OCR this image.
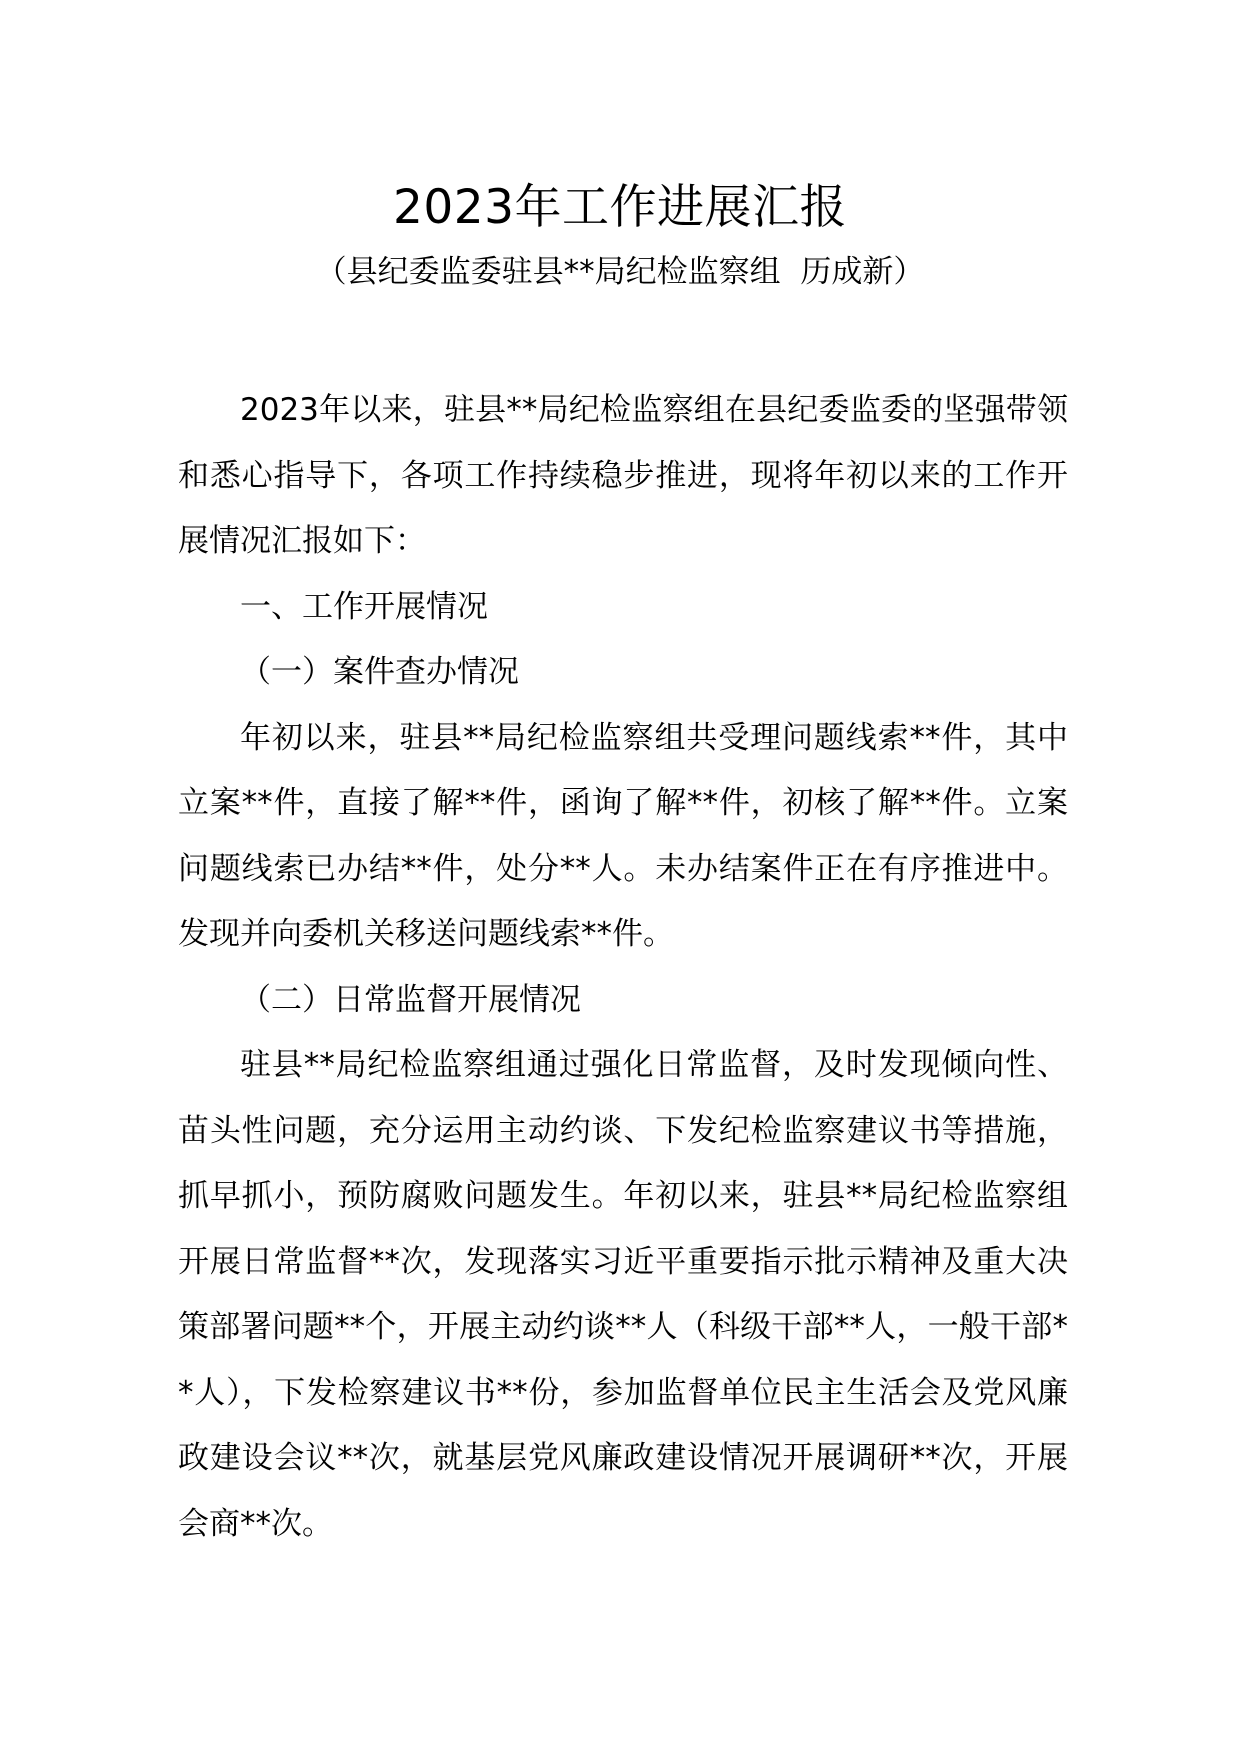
2023年工作进展汇报
（县纪委监委驻县**局纪检监察组  历成新）

2023年以来，驻县**局纪检监察组在县纪委监委的坚强带领和悉心指导下，各项工作持续稳步推进，现将年初以来的工作开展情况汇报如下：

一、工作开展情况

（一）案件查办情况

年初以来，驻县**局纪检监察组共受理问题线索**件，其中立案**件，直接了解**件，函询了解**件，初核了解**件。立案问题线索已办结**件，处分**人。未办结案件正在有序推进中。发现并向委机关移送问题线索**件。

（二）日常监督开展情况

驻县**局纪检监察组通过强化日常监督，及时发现倾向性、苗头性问题，充分运用主动约谈、下发纪检监察建议书等措施，抓早抓小，预防腐败问题发生。年初以来，驻县**局纪检监察组开展日常监督**次，发现落实习近平重要指示批示精神及重大决策部署问题**个，开展主动约谈**人（科级干部**人，一般干部**人），下发检察建议书**份，参加监督单位民主生活会及党风廉政建设会议**次，就基层党风廉政建设情况开展调研**次，开展会商**次。
